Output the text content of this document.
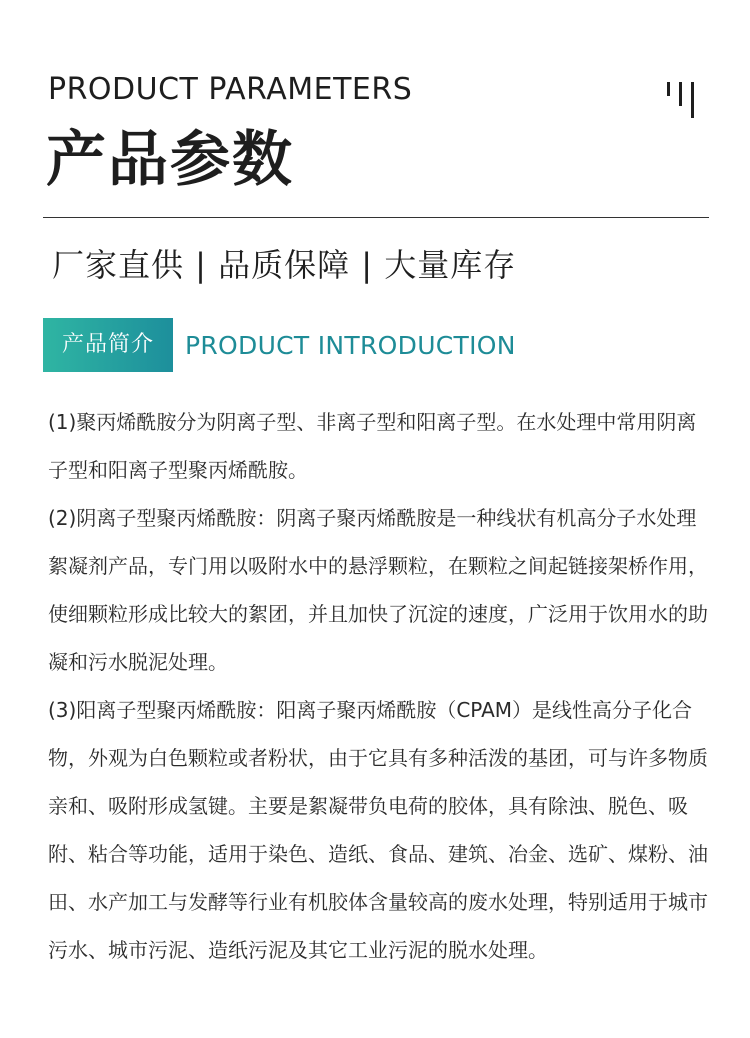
PRODUCT PARAMETERS
产品参数
厂家直供 | 品质保障 | 大量库存
产品简介	PRODUCT INTRODUCTION

(1)聚丙烯酰胺分为阴离子型、非离子型和阳离子型。在水处理中常用阴离子型和阳离子型聚丙烯酰胺。

(2)阴离子型聚丙烯酰胺：阴离子聚丙烯酰胺是一种线状有机高分子水处理絮凝剂产品，专门用以吸附水中的悬浮颗粒，在颗粒之间起链接架桥作用，使细颗粒形成比较大的絮团，并且加快了沉淀的速度，广泛用于饮用水的助凝和污水脱泥处理。

(3)阳离子型聚丙烯酰胺：阳离子聚丙烯酰胺（CPAM）是线性高分子化合物，外观为白色颗粒或者粉状，由于它具有多种活泼的基团，可与许多物质亲和、吸附形成氢键。主要是絮凝带负电荷的胶体，具有除浊、脱色、吸附、粘合等功能，适用于染色、造纸、食品、建筑、冶金、选矿、煤粉、油田、水产加工与发酵等行业有机胶体含量较高的废水处理，特别适用于城市污水、城市污泥、造纸污泥及其它工业污泥的脱水处理。
